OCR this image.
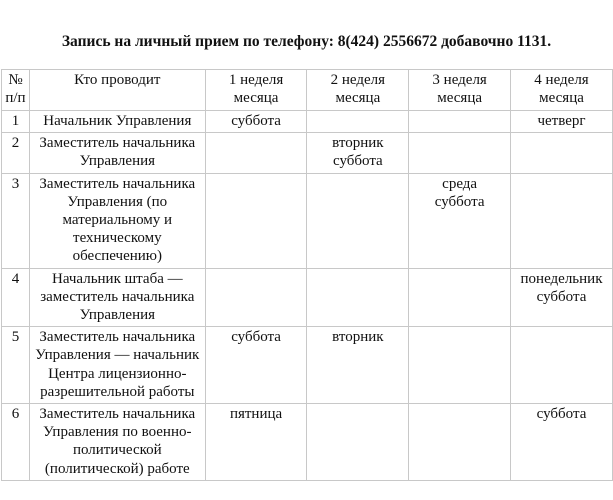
Запись на личный прием по телефону: 8(424) 2556672 добавочно 1131.
№
п/п	Кто проводит	1 неделя
месяца	2 неделя
месяца	3 неделя
месяца	4 неделя
месяца
1	Начальник Управления	суббота			четверг
2	Заместитель начальника
Управления		вторник
суббота		
3	Заместитель начальника
Управления (по
материальному и
техническому
обеспечению)			среда
суббота	
4	Начальник штаба —
заместитель начальника
Управления				понедельник
суббота
5	Заместитель начальника
Управления — начальник
Центра лицензионно-
разрешительной работы	суббота	вторник		
6	Заместитель начальника
Управления по военно-
политической
(политической) работе	пятница			суббота
